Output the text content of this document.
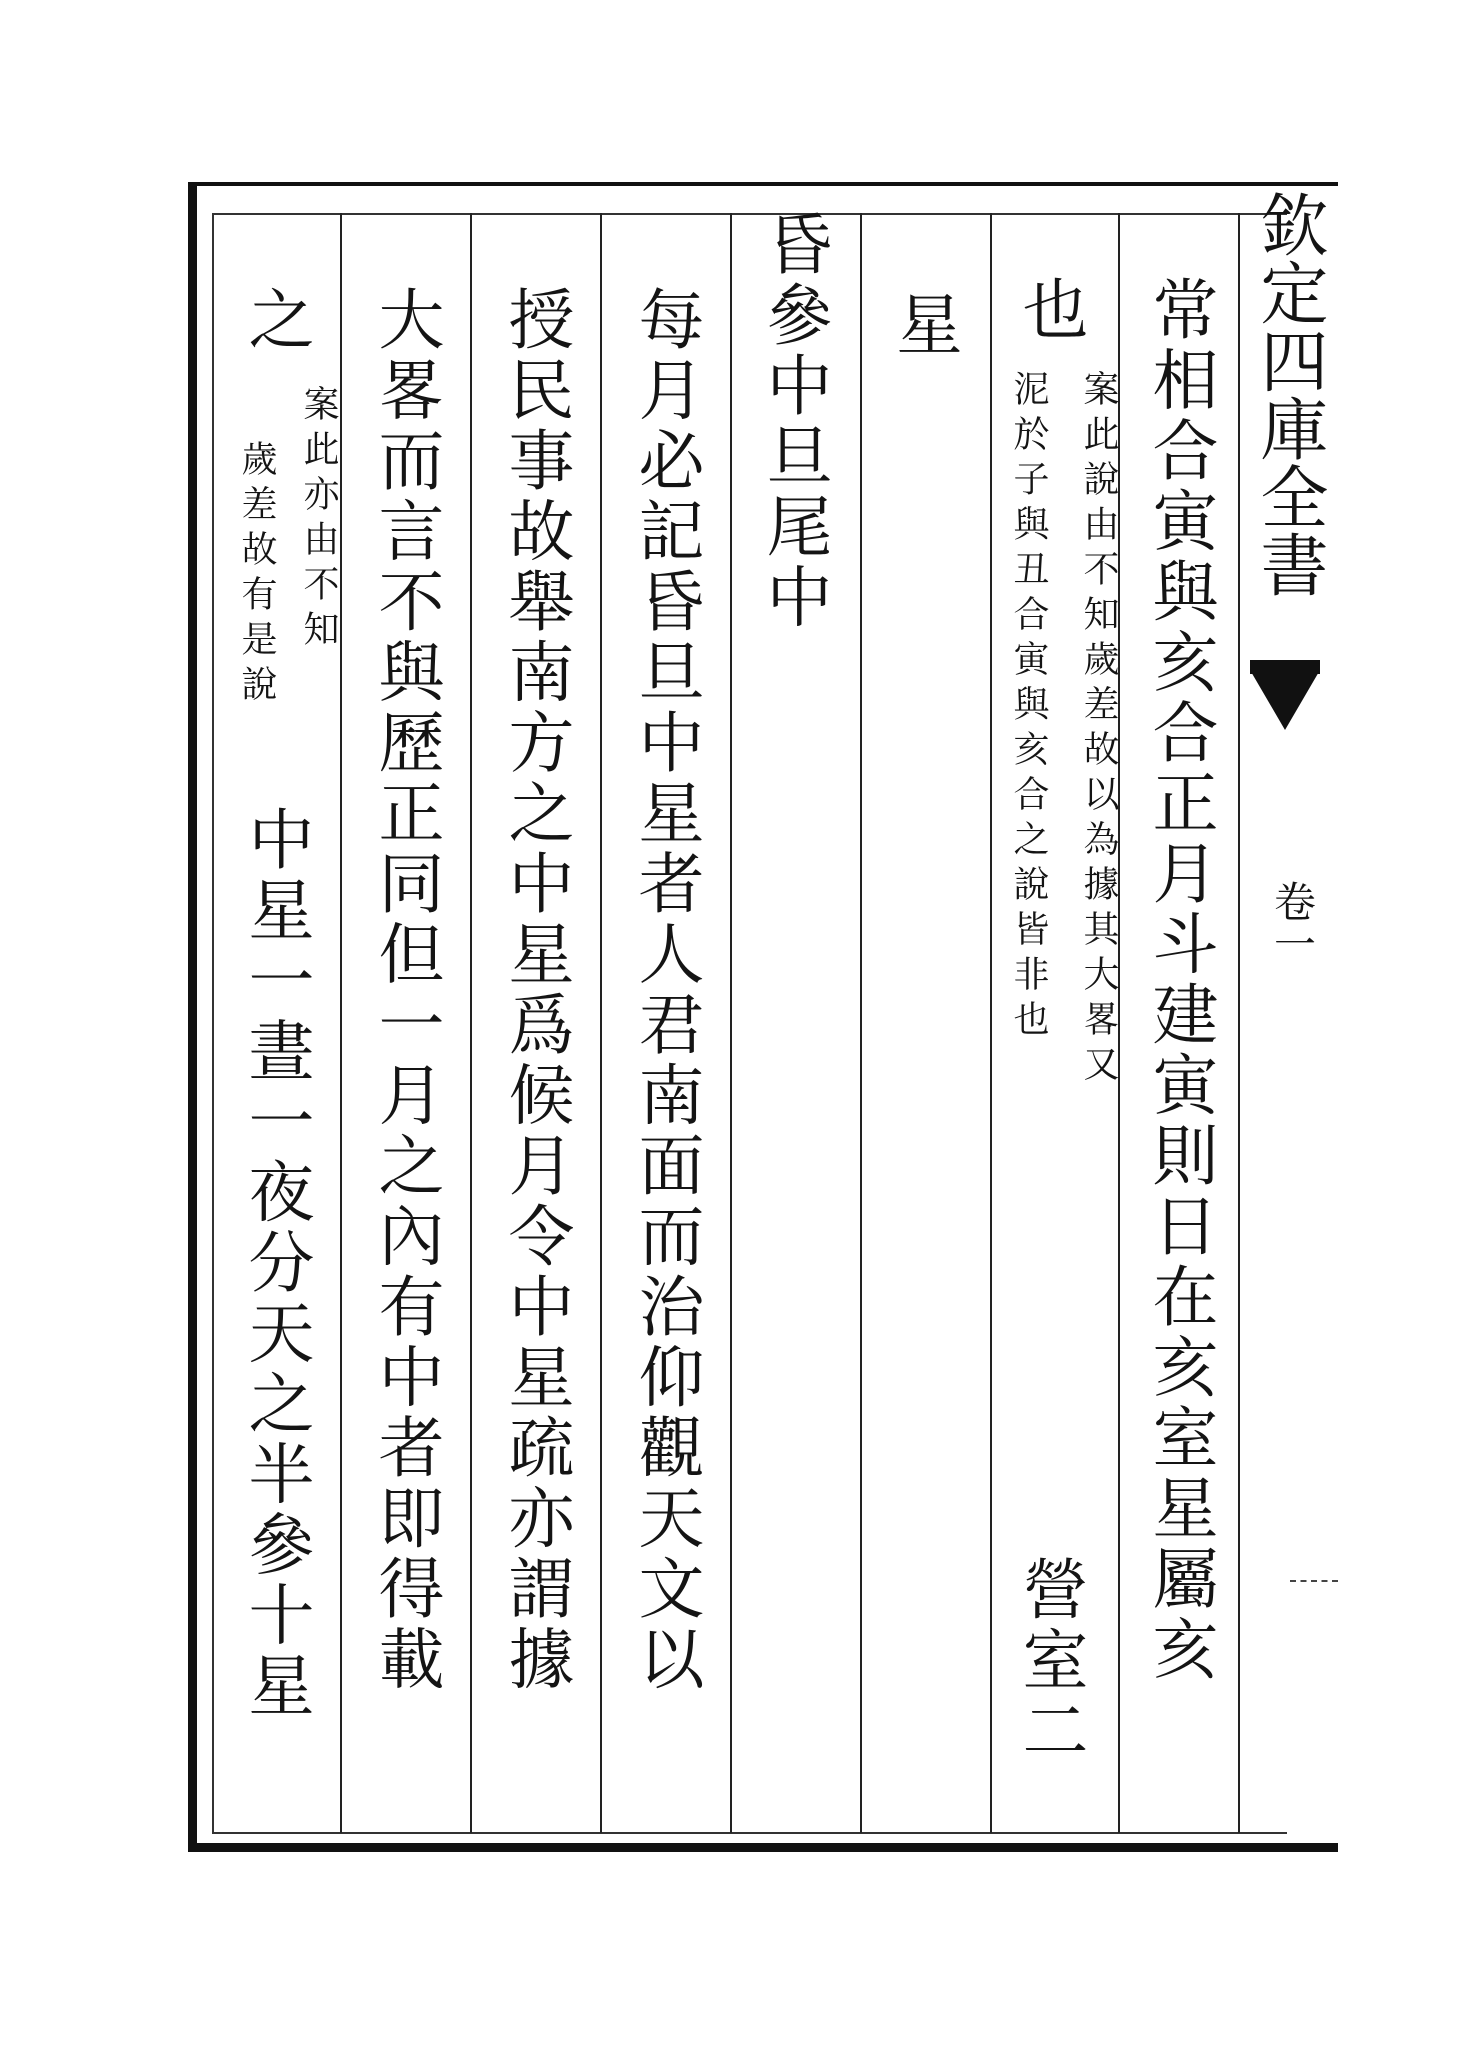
欽定四庫全書
卷一
常相合寅與亥合正月斗建寅則日在亥室星屬亥
也
案此說由不知歲差故以為據其大畧又
泥於子與丑合寅與亥合之說皆非也
營室二
星
昏參中旦尾中
每月必記昏旦中星者人君南面而治仰觀天文以
授民事故舉南方之中星爲候月令中星疏亦謂據
大畧而言不與歷正同但一月之內有中者即得載
之
案此亦由不知
歲差故有是說
中星一晝一夜分天之半參十星
